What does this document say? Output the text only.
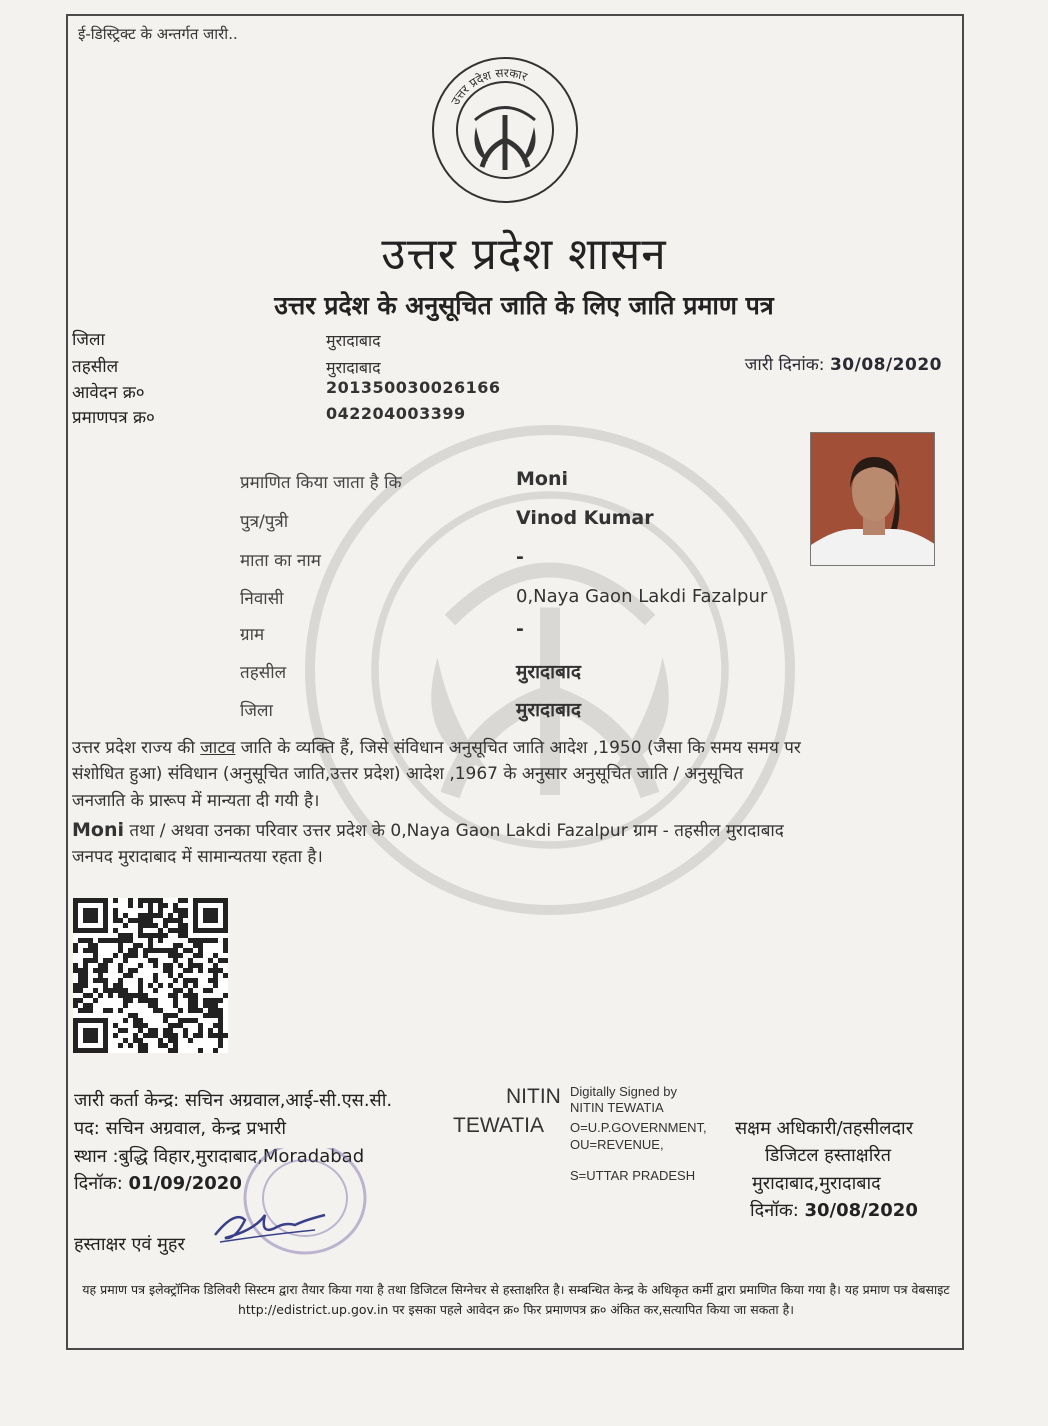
ई-डिस्ट्रिक्ट के अन्तर्गत जारी..
उत्तर प्रदेश सरकार
उत्तर प्रदेश शासन
उत्तर प्रदेश के अनुसूचित जाति के लिए जाति प्रमाण पत्र
जिला	मुरादाबाद
तहसील	मुरादाबाद
आवेदन क्र०	201350030026166
प्रमाणपत्र क्र०	042204003399
जारी दिनांक: 30/08/2020
प्रमाणित किया जाता है कि	Moni
पुत्र/पुत्री	Vinod Kumar
माता का नाम	-
निवासी	0,Naya Gaon Lakdi Fazalpur
ग्राम	-
तहसील	मुरादाबाद
जिला	मुरादाबाद
उत्तर प्रदेश राज्य की जाटव जाति के व्यक्ति हैं, जिसे संविधान अनुसूचित जाति आदेश ,1950 (जैसा कि समय समय पर
संशोधित हुआ) संविधान (अनुसूचित जाति,उत्तर प्रदेश) आदेश ,1967 के अनुसार अनुसूचित जाति / अनुसूचित
जनजाति के प्रारूप में मान्यता दी गयी है।
Moni तथा / अथवा उनका परिवार उत्तर प्रदेश के 0,Naya Gaon Lakdi Fazalpur ग्राम - तहसील मुरादाबाद
जनपद मुरादाबाद में सामान्यतया रहता है।
जारी कर्ता केन्द्र: सचिन अग्रवाल,आई-सी.एस.सी.
पद: सचिन अग्रवाल, केन्द्र प्रभारी
स्थान :बुद्धि विहार,मुरादाबाद,Moradabad
दिनॉक: 01/09/2020
हस्ताक्षर एवं मुहर
NITIN
TEWATIA
Digitally Signed by
NITIN TEWATIA
O=U.P.GOVERNMENT,
OU=REVENUE,
S=UTTAR PRADESH
सक्षम अधिकारी/तहसीलदार
डिजिटल हस्ताक्षरित
मुरादाबाद,मुरादाबाद
दिनॉक: 30/08/2020
यह प्रमाण पत्र इलेक्ट्रॉनिक डिलिवरी सिस्टम द्वारा तैयार किया गया है तथा डिजिटल सिग्नेचर से हस्ताक्षरित है। सम्बन्धित केन्द्र के अधिकृत कर्मी द्वारा प्रमाणित किया गया है। यह प्रमाण पत्र वेबसाइट http://edistrict.up.gov.in पर इसका पहले आवेदन क्र० फिर प्रमाणपत्र क्र० अंकित कर,सत्यापित किया जा सकता है।
